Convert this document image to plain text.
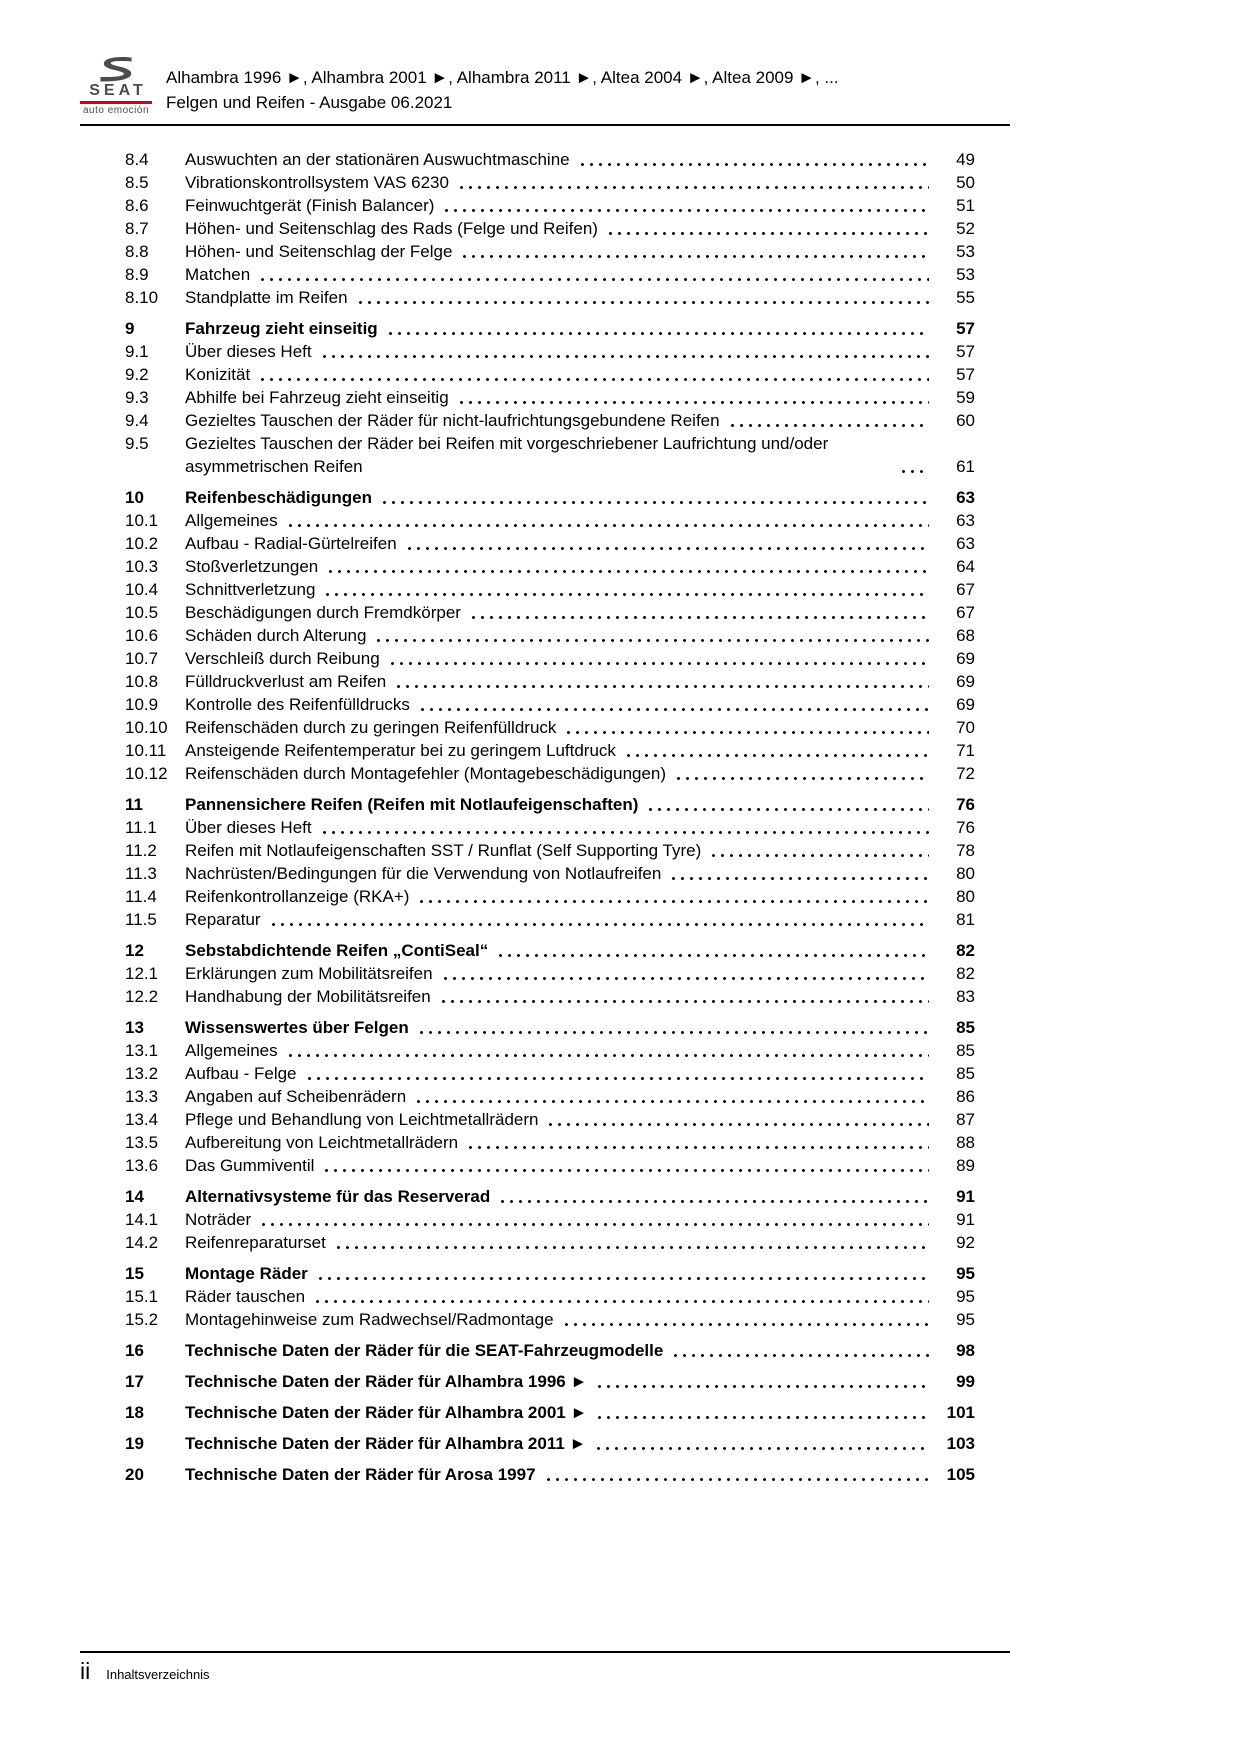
SEAT
auto emoción
Alhambra 1996 ►, Alhambra 2001 ►, Alhambra 2011 ►, Altea 2004 ►, Altea 2009 ►, ...
Felgen und Reifen - Ausgabe 06.2021
8.4	Auswuchten an der stationären Auswuchtmaschine	49
8.5	Vibrationskontrollsystem VAS 6230	50
8.6	Feinwuchtgerät (Finish Balancer)	51
8.7	Höhen- und Seitenschlag des Rads (Felge und Reifen)	52
8.8	Höhen- und Seitenschlag der Felge	53
8.9	Matchen	53
8.10	Standplatte im Reifen	55
9	Fahrzeug zieht einseitig	57
9.1	Über dieses Heft	57
9.2	Konizität	57
9.3	Abhilfe bei Fahrzeug zieht einseitig	59
9.4	Gezieltes Tauschen der Räder für nicht-laufrichtungsgebundene Reifen	60
9.5	Gezieltes Tauschen der Räder bei Reifen mit vorgeschriebener Laufrichtung und/oder asymmetrischen Reifen	61
10	Reifenbeschädigungen	63
10.1	Allgemeines	63
10.2	Aufbau - Radial-Gürtelreifen	63
10.3	Stoßverletzungen	64
10.4	Schnittverletzung	67
10.5	Beschädigungen durch Fremdkörper	67
10.6	Schäden durch Alterung	68
10.7	Verschleiß durch Reibung	69
10.8	Fülldruckverlust am Reifen	69
10.9	Kontrolle des Reifenfülldrucks	69
10.10	Reifenschäden durch zu geringen Reifenfülldruck	70
10.11	Ansteigende Reifentemperatur bei zu geringem Luftdruck	71
10.12	Reifenschäden durch Montagefehler (Montagebeschädigungen)	72
11	Pannensichere Reifen (Reifen mit Notlaufeigenschaften)	76
11.1	Über dieses Heft	76
11.2	Reifen mit Notlaufeigenschaften SST / Runflat (Self Supporting Tyre)	78
11.3	Nachrüsten/Bedingungen für die Verwendung von Notlaufreifen	80
11.4	Reifenkontrollanzeige (RKA+)	80
11.5	Reparatur	81
12	Sebstabdichtende Reifen „ContiSeal“	82
12.1	Erklärungen zum Mobilitätsreifen	82
12.2	Handhabung der Mobilitätsreifen	83
13	Wissenswertes über Felgen	85
13.1	Allgemeines	85
13.2	Aufbau - Felge	85
13.3	Angaben auf Scheibenrädern	86
13.4	Pflege und Behandlung von Leichtmetallrädern	87
13.5	Aufbereitung von Leichtmetallrädern	88
13.6	Das Gummiventil	89
14	Alternativsysteme für das Reserverad	91
14.1	Noträder	91
14.2	Reifenreparaturset	92
15	Montage Räder	95
15.1	Räder tauschen	95
15.2	Montagehinweise zum Radwechsel/Radmontage	95
16	Technische Daten der Räder für die SEAT-Fahrzeugmodelle	98
17	Technische Daten der Räder für Alhambra 1996 ►	99
18	Technische Daten der Räder für Alhambra 2001 ►	101
19	Technische Daten der Räder für Alhambra 2011 ►	103
20	Technische Daten der Räder für Arosa 1997	105
ii Inhaltsverzeichnis
